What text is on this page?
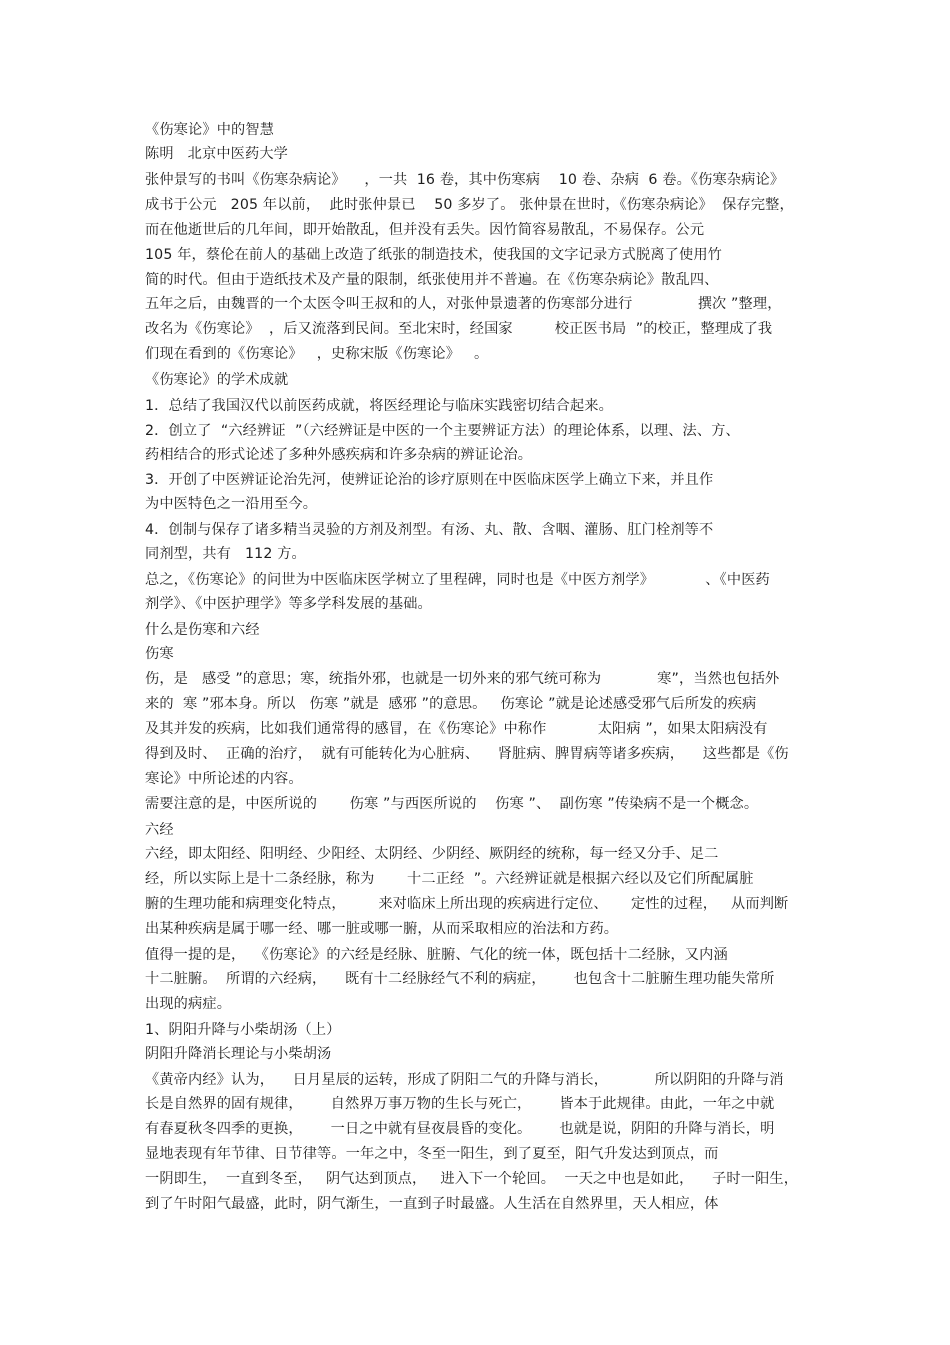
《伤寒论》中的智慧
陈明   北京中医药大学
张仲景写的书叫《伤寒杂病论》    ，一共  16 卷，其中伤寒病    10 卷、杂病  6 卷。《伤寒杂病论》
成书于公元   205 年以前，  此时张仲景已    50 多岁了。 张仲景在世时，《伤寒杂病论》  保存完整，
而在他逝世后的几年间，即开始散乱，但并没有丢失。因竹简容易散乱，不易保存。公元
105 年，蔡伦在前人的基础上改造了纸张的制造技术，使我国的文字记录方式脱离了使用竹
简的时代。但由于造纸技术及产量的限制，纸张使用并不普遍。在《伤寒杂病论》散乱四、
五年之后，由魏晋的一个太医令叫王叔和的人，对张仲景遗著的伤寒部分进行              撰次 ”整理，
改名为《伤寒论》  ，后又流落到民间。至北宋时，经国家         校正医书局  ”的校正，整理成了我
们现在看到的《伤寒论》   ，史称宋版《伤寒论》   。
《伤寒论》的学术成就
1．总结了我国汉代以前医药成就，将医经理论与临床实践密切结合起来。
2．创立了  “六经辨证  ”（六经辨证是中医的一个主要辨证方法）的理论体系，以理、法、方、
药相结合的形式论述了多种外感疾病和许多杂病的辨证论治。
3．开创了中医辨证论治先河，使辨证论治的诊疗原则在中医临床医学上确立下来，并且作
为中医特色之一沿用至今。
4．创制与保存了诸多精当灵验的方剂及剂型。有汤、丸、散、含咽、灌肠、肛门栓剂等不
同剂型，共有   112 方。
总之，《伤寒论》的问世为中医临床医学树立了里程碑，同时也是《中医方剂学》           、《中医药
剂学》、《中医护理学》等多学科发展的基础。
什么是伤寒和六经
伤寒
伤，是   感受 ”的意思；寒，统指外邪，也就是一切外来的邪气统可称为            寒”，当然也包括外
来的  寒 ”邪本身。所以   伤寒 ”就是  感邪 ”的意思。   伤寒论 ”就是论述感受邪气后所发的疾病
及其并发的疾病，比如我们通常得的感冒，在《伤寒论》中称作           太阳病 ”，如果太阳病没有
得到及时、  正确的治疗，  就有可能转化为心脏病、    肾脏病、脾胃病等诸多疾病，    这些都是《伤
寒论》中所论述的内容。
需要注意的是，中医所说的       伤寒 ”与西医所说的    伤寒 ”、  副伤寒 ”传染病不是一个概念。
六经
六经，即太阳经、阳明经、少阳经、太阴经、少阴经、厥阴经的统称，每一经又分手、足二
经，所以实际上是十二条经脉，称为       十二正经  ”。六经辨证就是根据六经以及它们所配属脏
腑的生理功能和病理变化特点，       来对临床上所出现的疾病进行定位、     定性的过程，   从而判断
出某种疾病是属于哪一经、哪一脏或哪一腑，从而采取相应的治法和方药。
值得一提的是，  《伤寒论》的六经是经脉、脏腑、气化的统一体，既包括十二经脉，又内涵
十二脏腑。  所谓的六经病，    既有十二经脉经气不利的病症，      也包含十二脏腑生理功能失常所
出现的病症。
1、阴阳升降与小柴胡汤（上）
阴阳升降消长理论与小柴胡汤
《黄帝内经》认为，    日月星辰的运转，形成了阴阳二气的升降与消长，          所以阴阳的升降与消
长是自然界的固有规律，      自然界万事万物的生长与死亡，      皆本于此规律。由此，一年之中就
有春夏秋冬四季的更换，      一日之中就有昼夜晨昏的变化。      也就是说，阴阳的升降与消长，明
显地表现有年节律、日节律等。一年之中，冬至一阳生，到了夏至，阳气升发达到顶点，而
一阴即生，  一直到冬至，   阴气达到顶点，   进入下一个轮回。  一天之中也是如此，    子时一阳生，
到了午时阳气最盛，此时，阴气渐生，一直到子时最盛。人生活在自然界里，天人相应，体
